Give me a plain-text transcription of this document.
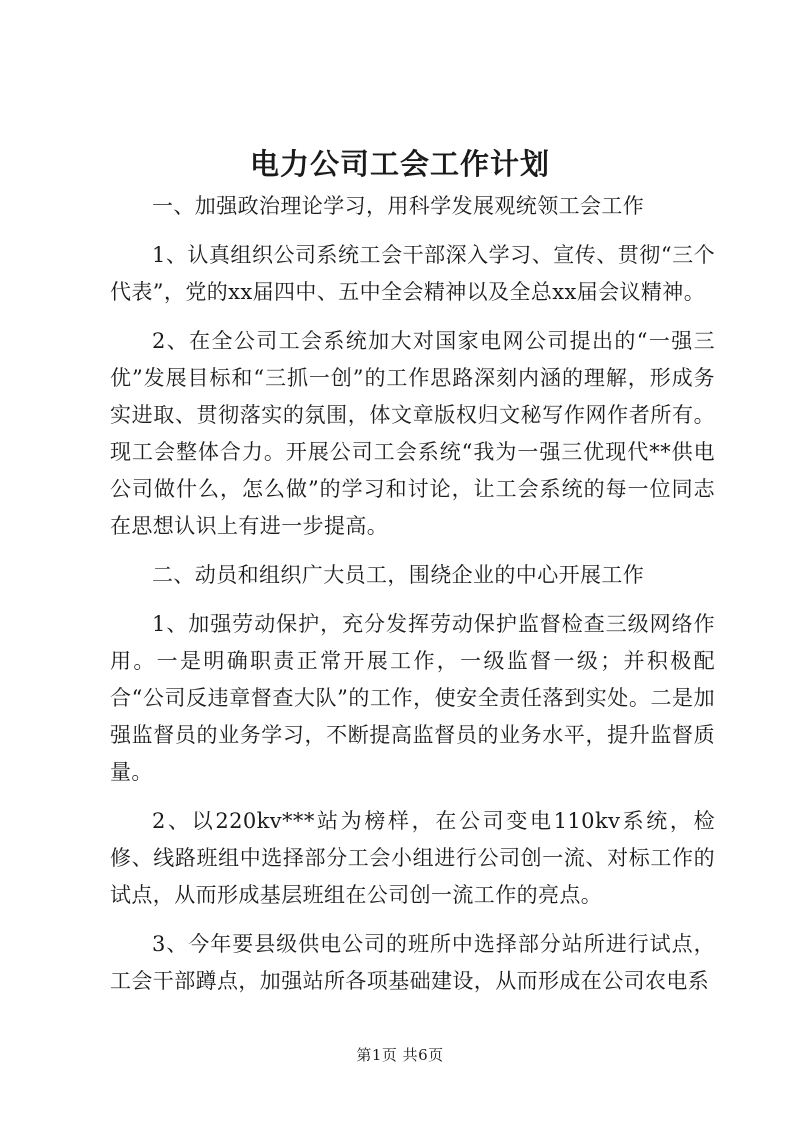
电力公司工会工作计划

一、加强政治理论学习，用科学发展观统领工会工作

1、认真组织公司系统工会干部深入学习、宣传、贯彻“三个代表”，党的xx届四中、五中全会精神以及全总xx届会议精神。

2、在全公司工会系统加大对国家电网公司提出的“一强三优”发展目标和“三抓一创”的工作思路深刻内涵的理解，形成务实进取、贯彻落实的氛围，体文章版权归文秘写作网作者所有。现工会整体合力。开展公司工会系统“我为一强三优现代**供电公司做什么，怎么做”的学习和讨论，让工会系统的每一位同志在思想认识上有进一步提高。

二、动员和组织广大员工，围绕企业的中心开展工作

1、加强劳动保护，充分发挥劳动保护监督检查三级网络作用。一是明确职责正常开展工作，一级监督一级；并积极配合“公司反违章督查大队”的工作，使安全责任落到实处。二是加强监督员的业务学习，不断提高监督员的业务水平，提升监督质量。

2、以220kv***站为榜样，在公司变电110kv系统，检修、线路班组中选择部分工会小组进行公司创一流、对标工作的试点，从而形成基层班组在公司创一流工作的亮点。

3、今年要县级供电公司的班所中选择部分站所进行试点，工会干部蹲点，加强站所各项基础建设，从而形成在公司农电系

第1页 共6页
